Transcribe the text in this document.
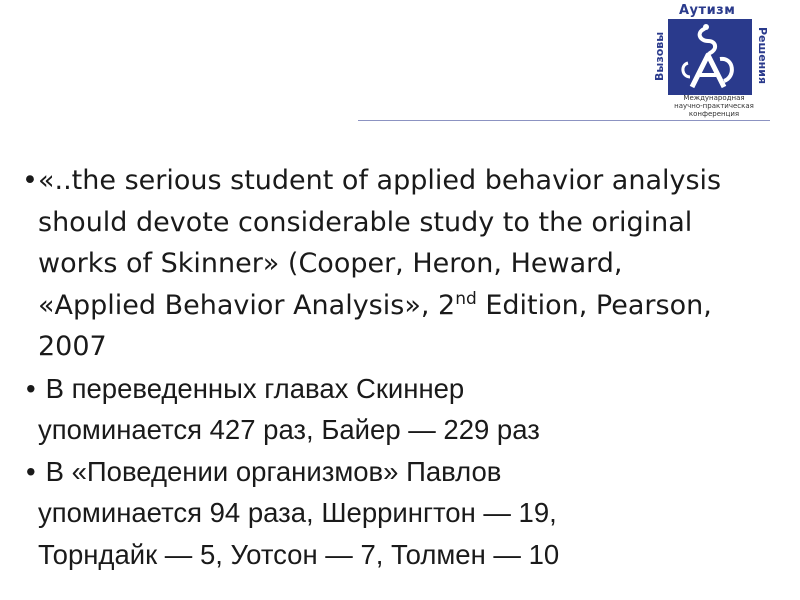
Аутизм
Вызовы	Решения
Международная
научно-практическая
конференция
• «..the serious student of applied behavior analysis
should devote considerable study to the original
works of Skinner» (Cooper, Heron, Heward,
«Applied Behavior Analysis», 2nd Edition, Pearson,
2007
• В переведенных главах Скиннер
упоминается 427 раз, Байер — 229 раз
• В «Поведении организмов» Павлов
упоминается 94 раза, Шеррингтон — 19,
Торндайк — 5, Уотсон — 7, Толмен — 10
